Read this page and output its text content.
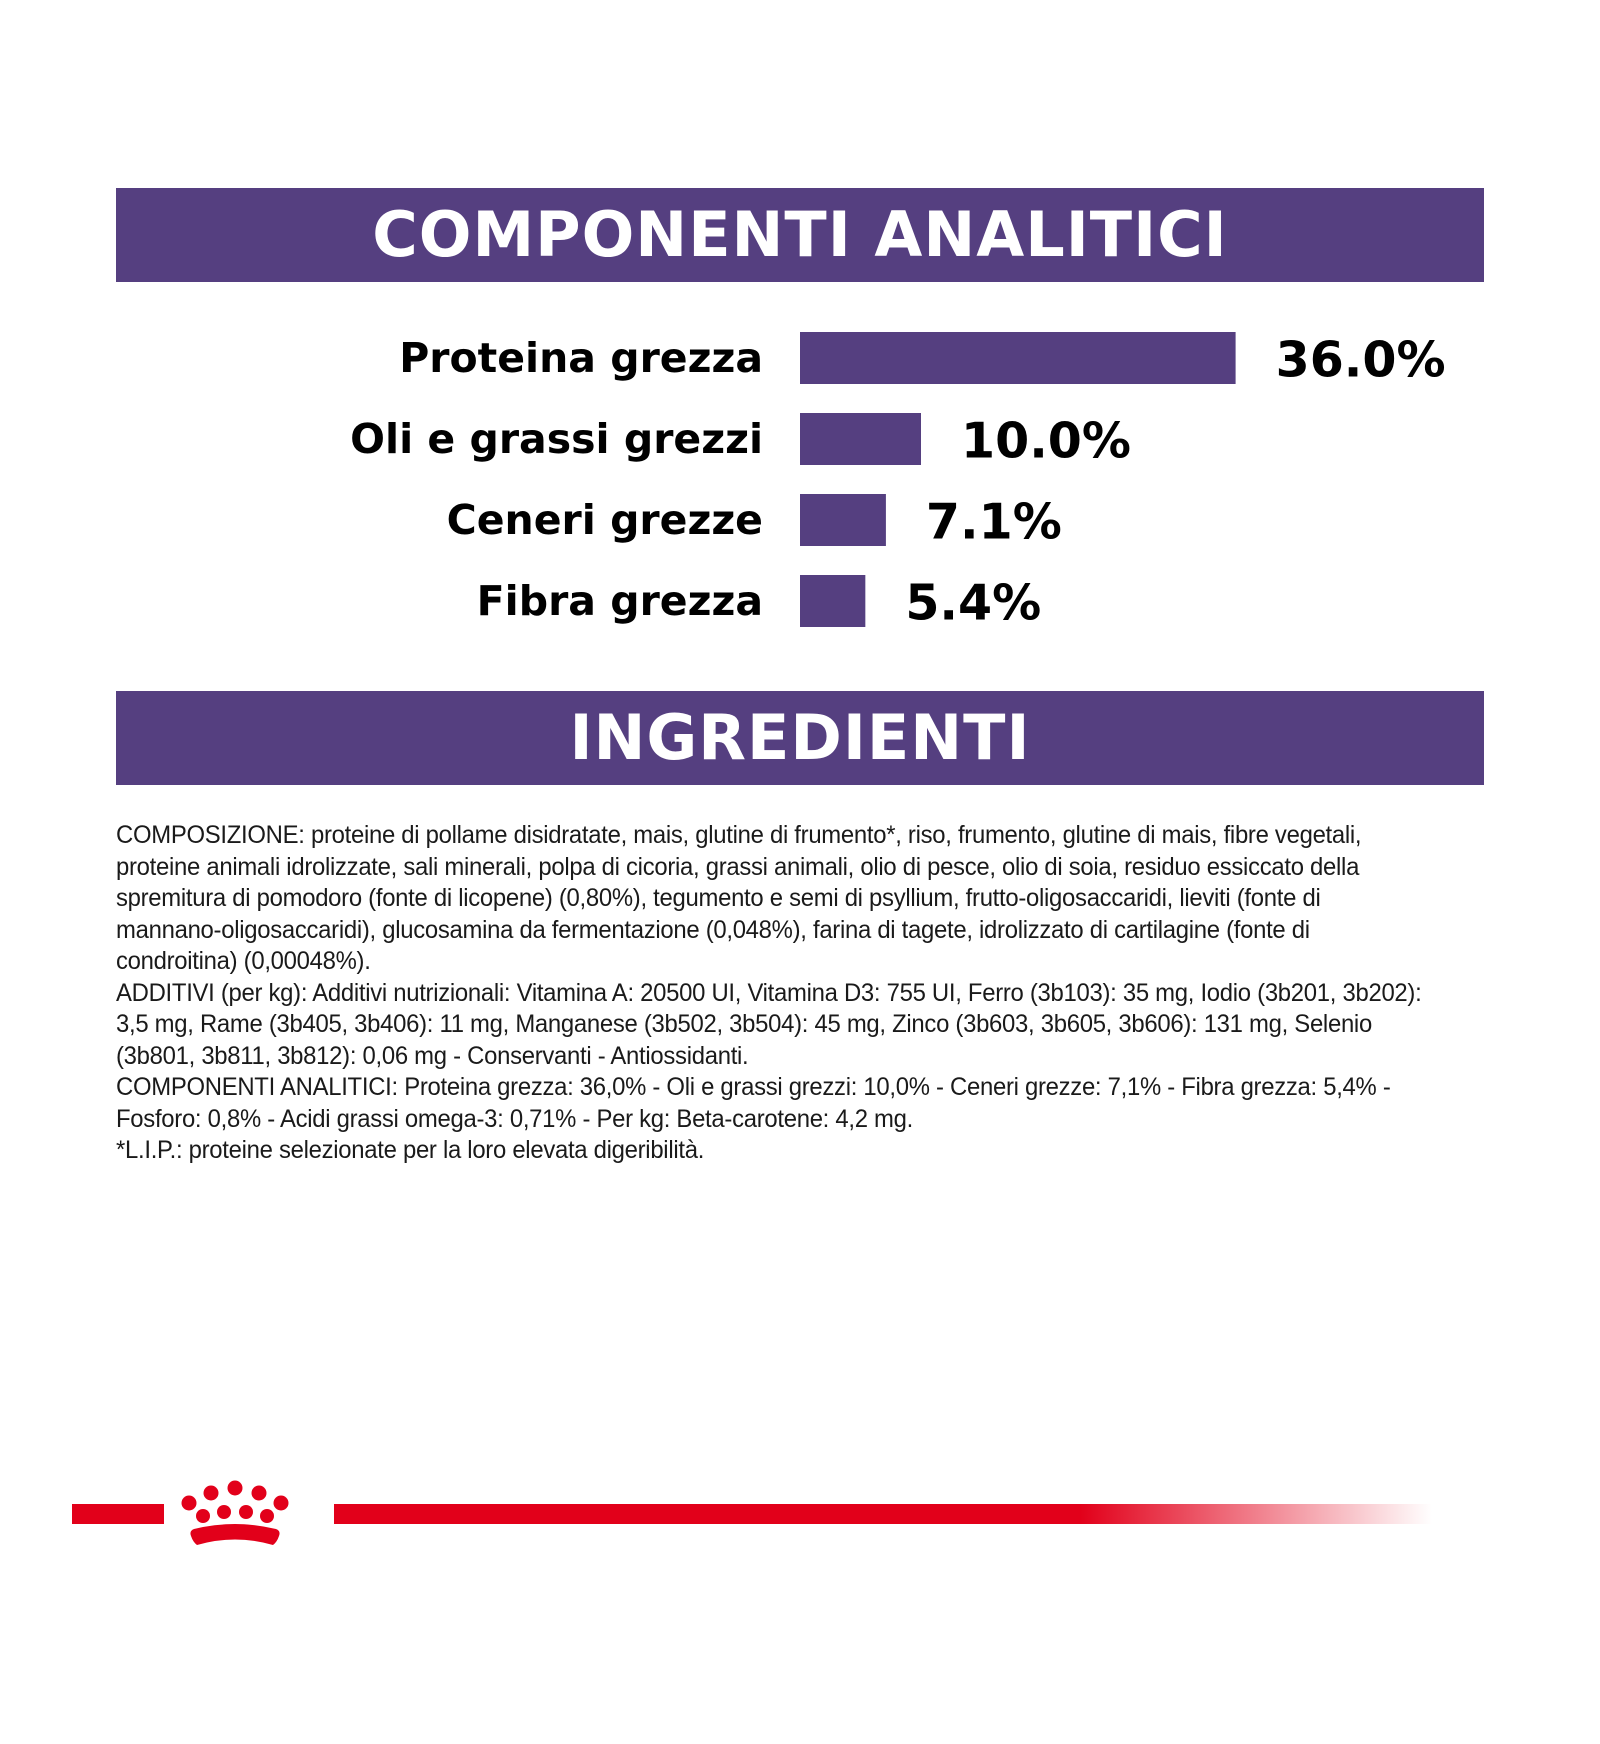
COMPONENTI ANALITICI
Proteina grezza	36.0%
Oli e grassi grezzi	10.0%
Ceneri grezze	7.1%
Fibra grezza	5.4%
INGREDIENTI

COMPOSIZIONE: proteine di pollame disidratate, mais, glutine di frumento*, riso, frumento, glutine di mais, fibre vegetali, proteine animali idrolizzate, sali minerali, polpa di cicoria, grassi animali, olio di pesce, olio di soia, residuo essiccato della spremitura di pomodoro (fonte di licopene) (0,80%), tegumento e semi di psyllium, frutto-oligosaccaridi, lieviti (fonte di mannano-oligosaccaridi), glucosamina da fermentazione (0,048%), farina di tagete, idrolizzato di cartilagine (fonte di condroitina) (0,00048%).

ADDITIVI (per kg): Additivi nutrizionali: Vitamina A: 20500 UI, Vitamina D3: 755 UI, Ferro (3b103): 35 mg, Iodio (3b201, 3b202): 3,5 mg, Rame (3b405, 3b406): 11 mg, Manganese (3b502, 3b504): 45 mg, Zinco (3b603, 3b605, 3b606): 131 mg, Selenio (3b801, 3b811, 3b812): 0,06 mg - Conservanti - Antiossidanti.

COMPONENTI ANALITICI: Proteina grezza: 36,0% - Oli e grassi grezzi: 10,0% - Ceneri grezze: 7,1% - Fibra grezza: 5,4% - Fosforo: 0,8% - Acidi grassi omega-3: 0,71% - Per kg: Beta-carotene: 4,2 mg.

*L.I.P.: proteine selezionate per la loro elevata digeribilità.
